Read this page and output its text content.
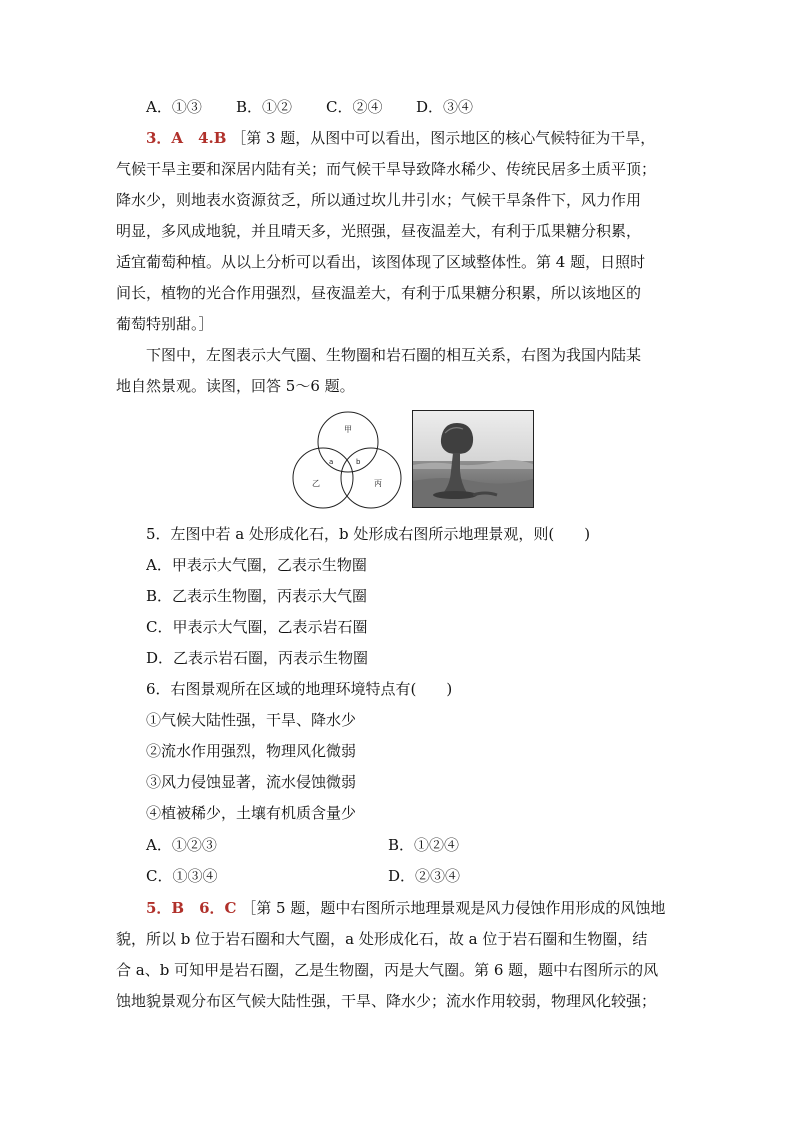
A．①③ B．①② C．②④ D．③④
3．A　4.B ［第 3 题，从图中可以看出，图示地区的核心气候特征为干旱，
气候干旱主要和深居内陆有关；而气候干旱导致降水稀少、传统民居多土质平顶；
降水少，则地表水资源贫乏，所以通过坎儿井引水；气候干旱条件下，风力作用
明显，多风成地貌，并且晴天多，光照强，昼夜温差大，有利于瓜果糖分积累，
适宜葡萄种植。从以上分析可以看出，该图体现了区域整体性。第 4 题，日照时
间长，植物的光合作用强烈，昼夜温差大，有利于瓜果糖分积累，所以该地区的
葡萄特别甜。］
下图中，左图表示大气圈、生物圈和岩石圈的相互关系，右图为我国内陆某
地自然景观。读图，回答 5～6 题。
甲
乙	丙
a	b
5．左图中若 a 处形成化石，b 处形成右图所示地理景观，则(　　)
A．甲表示大气圈，乙表示生物圈
B．乙表示生物圈，丙表示大气圈
C．甲表示大气圈，乙表示岩石圈
D．乙表示岩石圈，丙表示生物圈
6．右图景观所在区域的地理环境特点有(　　)
①气候大陆性强，干旱、降水少
②流水作用强烈，物理风化微弱
③风力侵蚀显著，流水侵蚀微弱
④植被稀少，土壤有机质含量少
A．①②③	B．①②④
C．①③④	D．②③④
5．B　6．C ［第 5 题，题中右图所示地理景观是风力侵蚀作用形成的风蚀地
貌，所以 b 位于岩石圈和大气圈，a 处形成化石，故 a 位于岩石圈和生物圈，结
合 a、b 可知甲是岩石圈，乙是生物圈，丙是大气圈。第 6 题，题中右图所示的风
蚀地貌景观分布区气候大陆性强，干旱、降水少；流水作用较弱，物理风化较强；
